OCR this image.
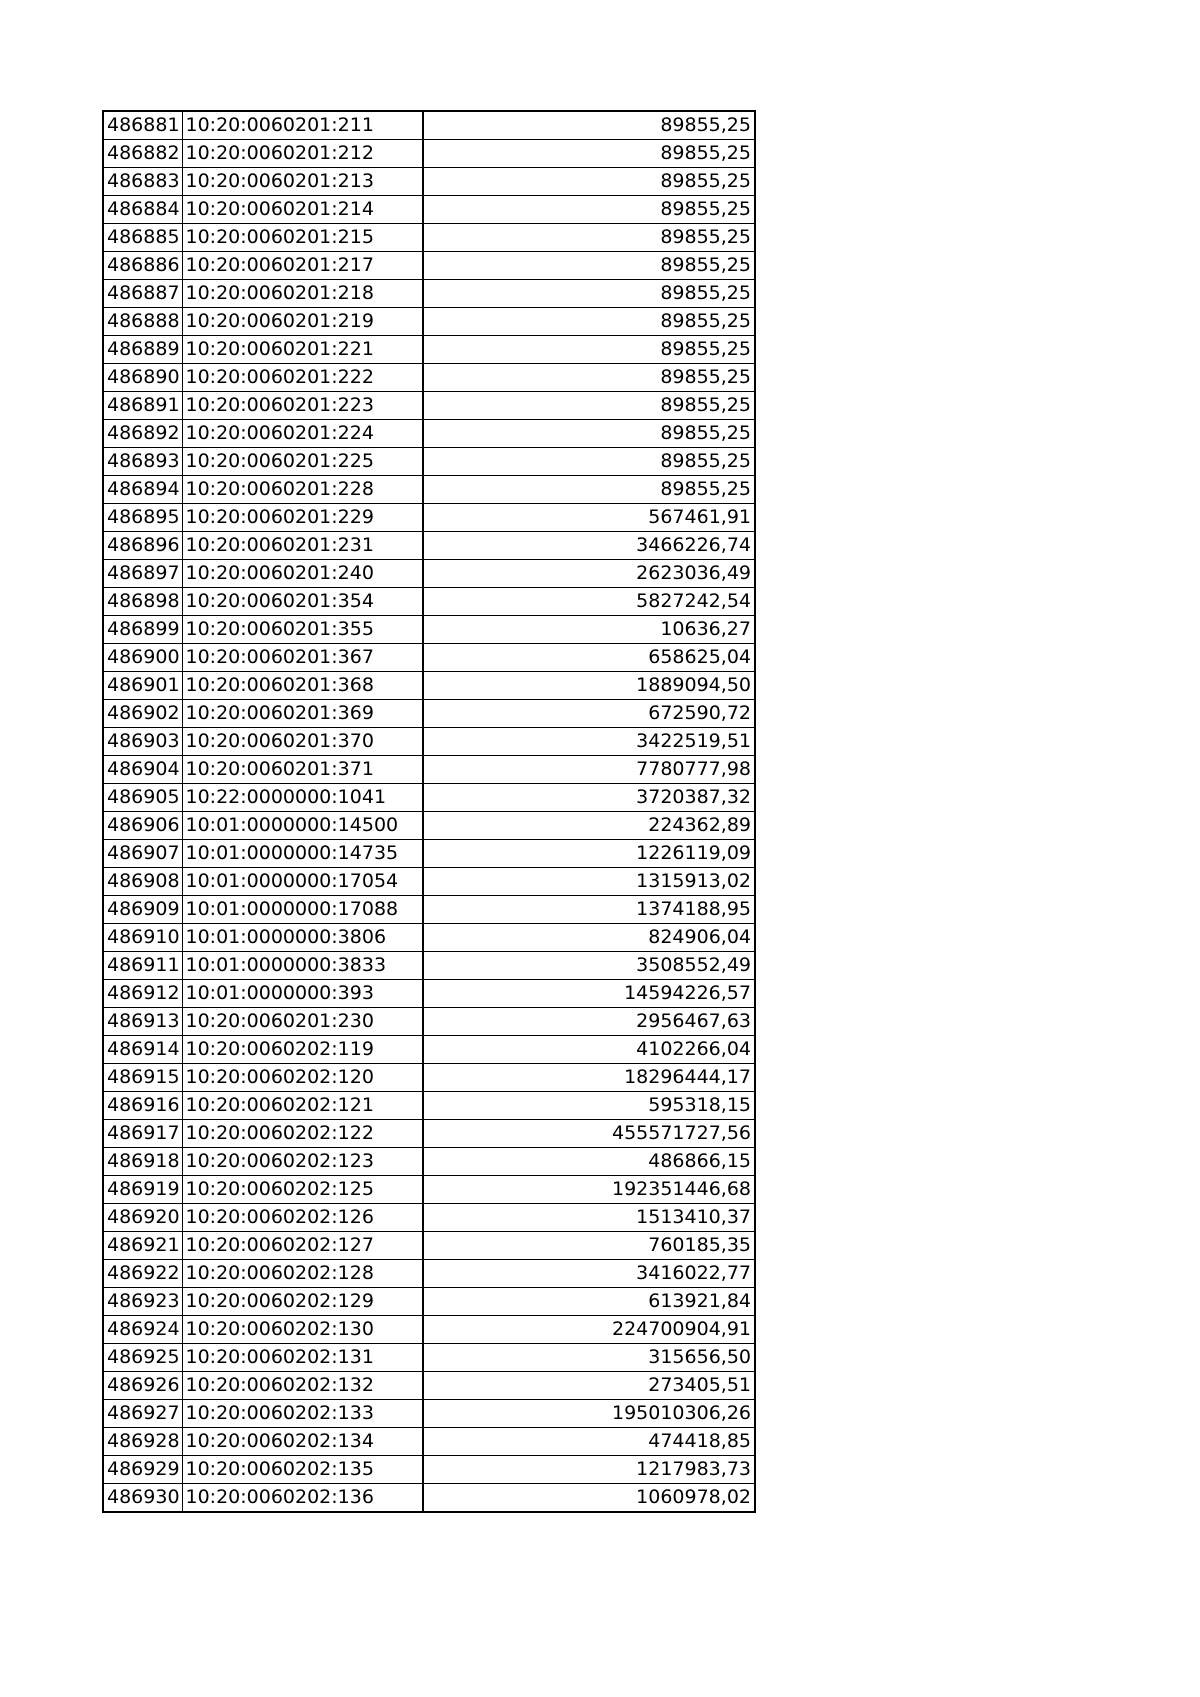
486881	10:20:0060201:211	89855,25
486882	10:20:0060201:212	89855,25
486883	10:20:0060201:213	89855,25
486884	10:20:0060201:214	89855,25
486885	10:20:0060201:215	89855,25
486886	10:20:0060201:217	89855,25
486887	10:20:0060201:218	89855,25
486888	10:20:0060201:219	89855,25
486889	10:20:0060201:221	89855,25
486890	10:20:0060201:222	89855,25
486891	10:20:0060201:223	89855,25
486892	10:20:0060201:224	89855,25
486893	10:20:0060201:225	89855,25
486894	10:20:0060201:228	89855,25
486895	10:20:0060201:229	567461,91
486896	10:20:0060201:231	3466226,74
486897	10:20:0060201:240	2623036,49
486898	10:20:0060201:354	5827242,54
486899	10:20:0060201:355	10636,27
486900	10:20:0060201:367	658625,04
486901	10:20:0060201:368	1889094,50
486902	10:20:0060201:369	672590,72
486903	10:20:0060201:370	3422519,51
486904	10:20:0060201:371	7780777,98
486905	10:22:0000000:1041	3720387,32
486906	10:01:0000000:14500	224362,89
486907	10:01:0000000:14735	1226119,09
486908	10:01:0000000:17054	1315913,02
486909	10:01:0000000:17088	1374188,95
486910	10:01:0000000:3806	824906,04
486911	10:01:0000000:3833	3508552,49
486912	10:01:0000000:393	14594226,57
486913	10:20:0060201:230	2956467,63
486914	10:20:0060202:119	4102266,04
486915	10:20:0060202:120	18296444,17
486916	10:20:0060202:121	595318,15
486917	10:20:0060202:122	455571727,56
486918	10:20:0060202:123	486866,15
486919	10:20:0060202:125	192351446,68
486920	10:20:0060202:126	1513410,37
486921	10:20:0060202:127	760185,35
486922	10:20:0060202:128	3416022,77
486923	10:20:0060202:129	613921,84
486924	10:20:0060202:130	224700904,91
486925	10:20:0060202:131	315656,50
486926	10:20:0060202:132	273405,51
486927	10:20:0060202:133	195010306,26
486928	10:20:0060202:134	474418,85
486929	10:20:0060202:135	1217983,73
486930	10:20:0060202:136	1060978,02
